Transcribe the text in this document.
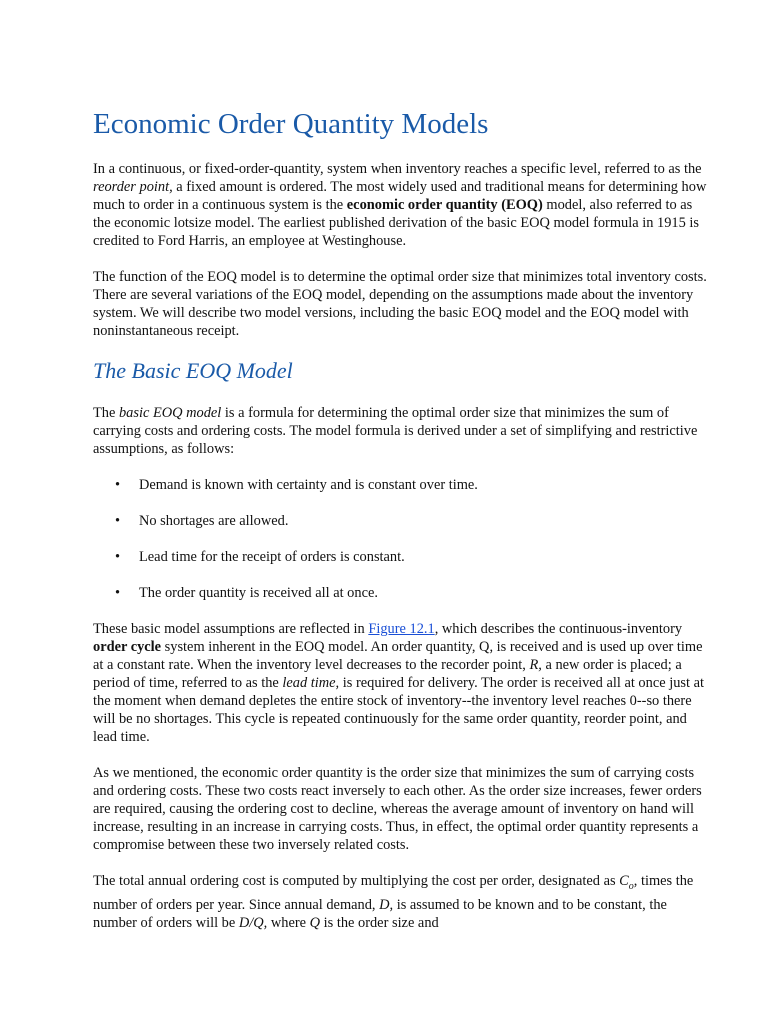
Economic Order Quantity Models

In a continuous, or fixed-order-quantity, system when inventory reaches a specific level, referred to as the reorder point, a fixed amount is ordered. The most widely used and traditional means for determining how much to order in a continuous system is the economic order quantity (EOQ) model, also referred to as the economic lotsize model. The earliest published derivation of the basic EOQ model formula in 1915 is credited to Ford Harris, an employee at Westinghouse.

The function of the EOQ model is to determine the optimal order size that minimizes total inventory costs. There are several variations of the EOQ model, depending on the assumptions made about the inventory system. We will describe two model versions, including the basic EOQ model and the EOQ model with noninstantaneous receipt.

The Basic EOQ Model

The basic EOQ model is a formula for determining the optimal order size that minimizes the sum of carrying costs and ordering costs. The model formula is derived under a set of simplifying and restrictive assumptions, as follows:

• Demand is known with certainty and is constant over time.
• No shortages are allowed.
• Lead time for the receipt of orders is constant.
• The order quantity is received all at once.

These basic model assumptions are reflected in Figure 12.1, which describes the continuous-inventory order cycle system inherent in the EOQ model. An order quantity, Q, is received and is used up over time at a constant rate. When the inventory level decreases to the recorder point, R, a new order is placed; a period of time, referred to as the lead time, is required for delivery. The order is received all at once just at the moment when demand depletes the entire stock of inventory--the inventory level reaches 0--so there will be no shortages. This cycle is repeated continuously for the same order quantity, reorder point, and lead time.

As we mentioned, the economic order quantity is the order size that minimizes the sum of carrying costs and ordering costs. These two costs react inversely to each other. As the order size increases, fewer orders are required, causing the ordering cost to decline, whereas the average amount of inventory on hand will increase, resulting in an increase in carrying costs. Thus, in effect, the optimal order quantity represents a compromise between these two inversely related costs.

The total annual ordering cost is computed by multiplying the cost per order, designated as $C_o$, times the number of orders per year. Since annual demand, D, is assumed to be known and to be constant, the number of orders will be D/Q, where Q is the order size and
